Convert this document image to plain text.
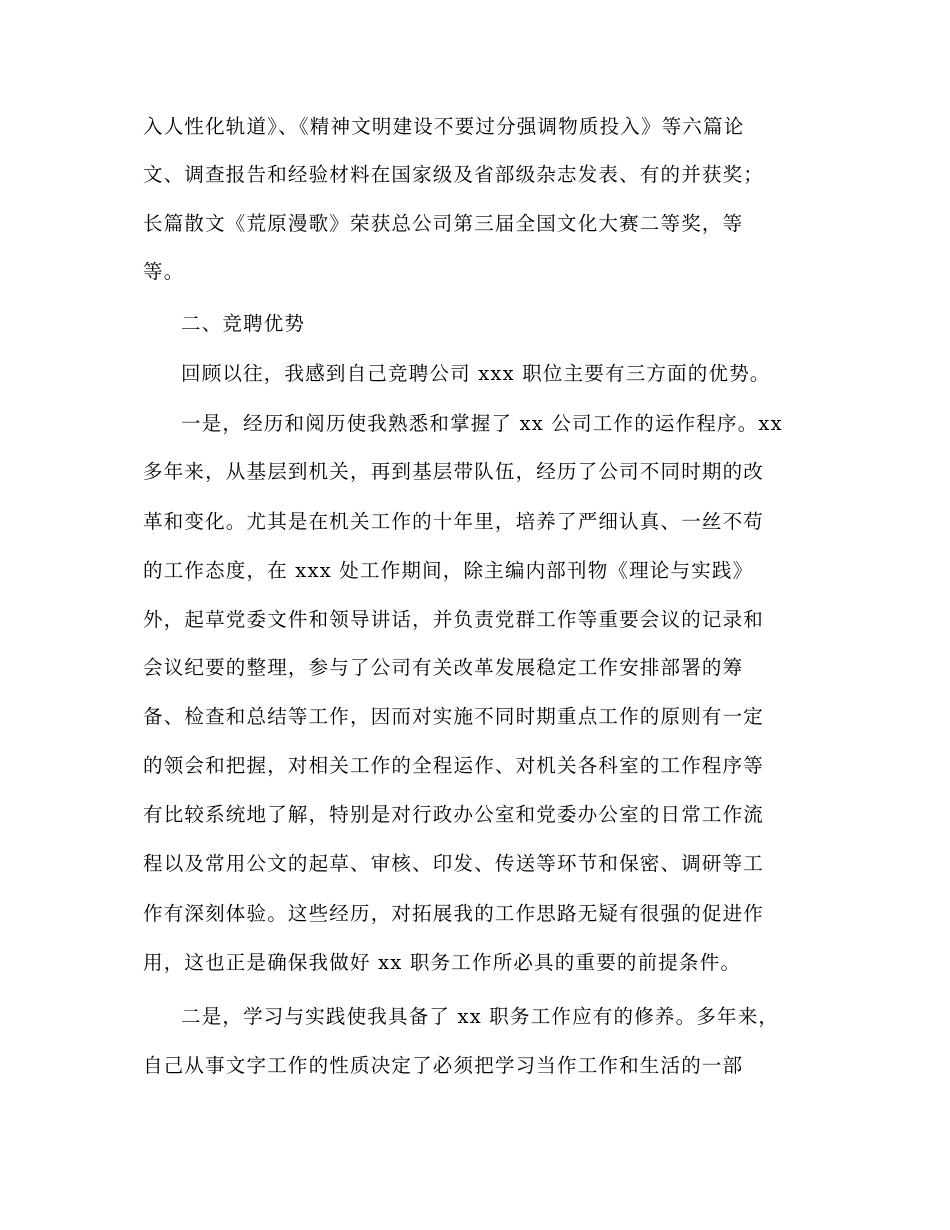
入人性化轨道》、《精神文明建设不要过分强调物质投入》等六篇论
文、调查报告和经验材料在国家级及省部级杂志发表、有的并获奖；
长篇散文《荒原漫歌》荣获总公司第三届全国文化大赛二等奖，等
等。
二、竞聘优势
回顾以往，我感到自己竞聘公司 xxx 职位主要有三方面的优势。
一是，经历和阅历使我熟悉和掌握了 xx 公司工作的运作程序。xx
多年来，从基层到机关，再到基层带队伍，经历了公司不同时期的改
革和变化。尤其是在机关工作的十年里，培养了严细认真、一丝不苟
的工作态度，在 xxx 处工作期间，除主编内部刊物《理论与实践》
外，起草党委文件和领导讲话，并负责党群工作等重要会议的记录和
会议纪要的整理，参与了公司有关改革发展稳定工作安排部署的筹
备、检查和总结等工作，因而对实施不同时期重点工作的原则有一定
的领会和把握，对相关工作的全程运作、对机关各科室的工作程序等
有比较系统地了解，特别是对行政办公室和党委办公室的日常工作流
程以及常用公文的起草、审核、印发、传送等环节和保密、调研等工
作有深刻体验。这些经历，对拓展我的工作思路无疑有很强的促进作
用，这也正是确保我做好 xx 职务工作所必具的重要的前提条件。
二是，学习与实践使我具备了 xx 职务工作应有的修养。多年来，
自己从事文字工作的性质决定了必须把学习当作工作和生活的一部
